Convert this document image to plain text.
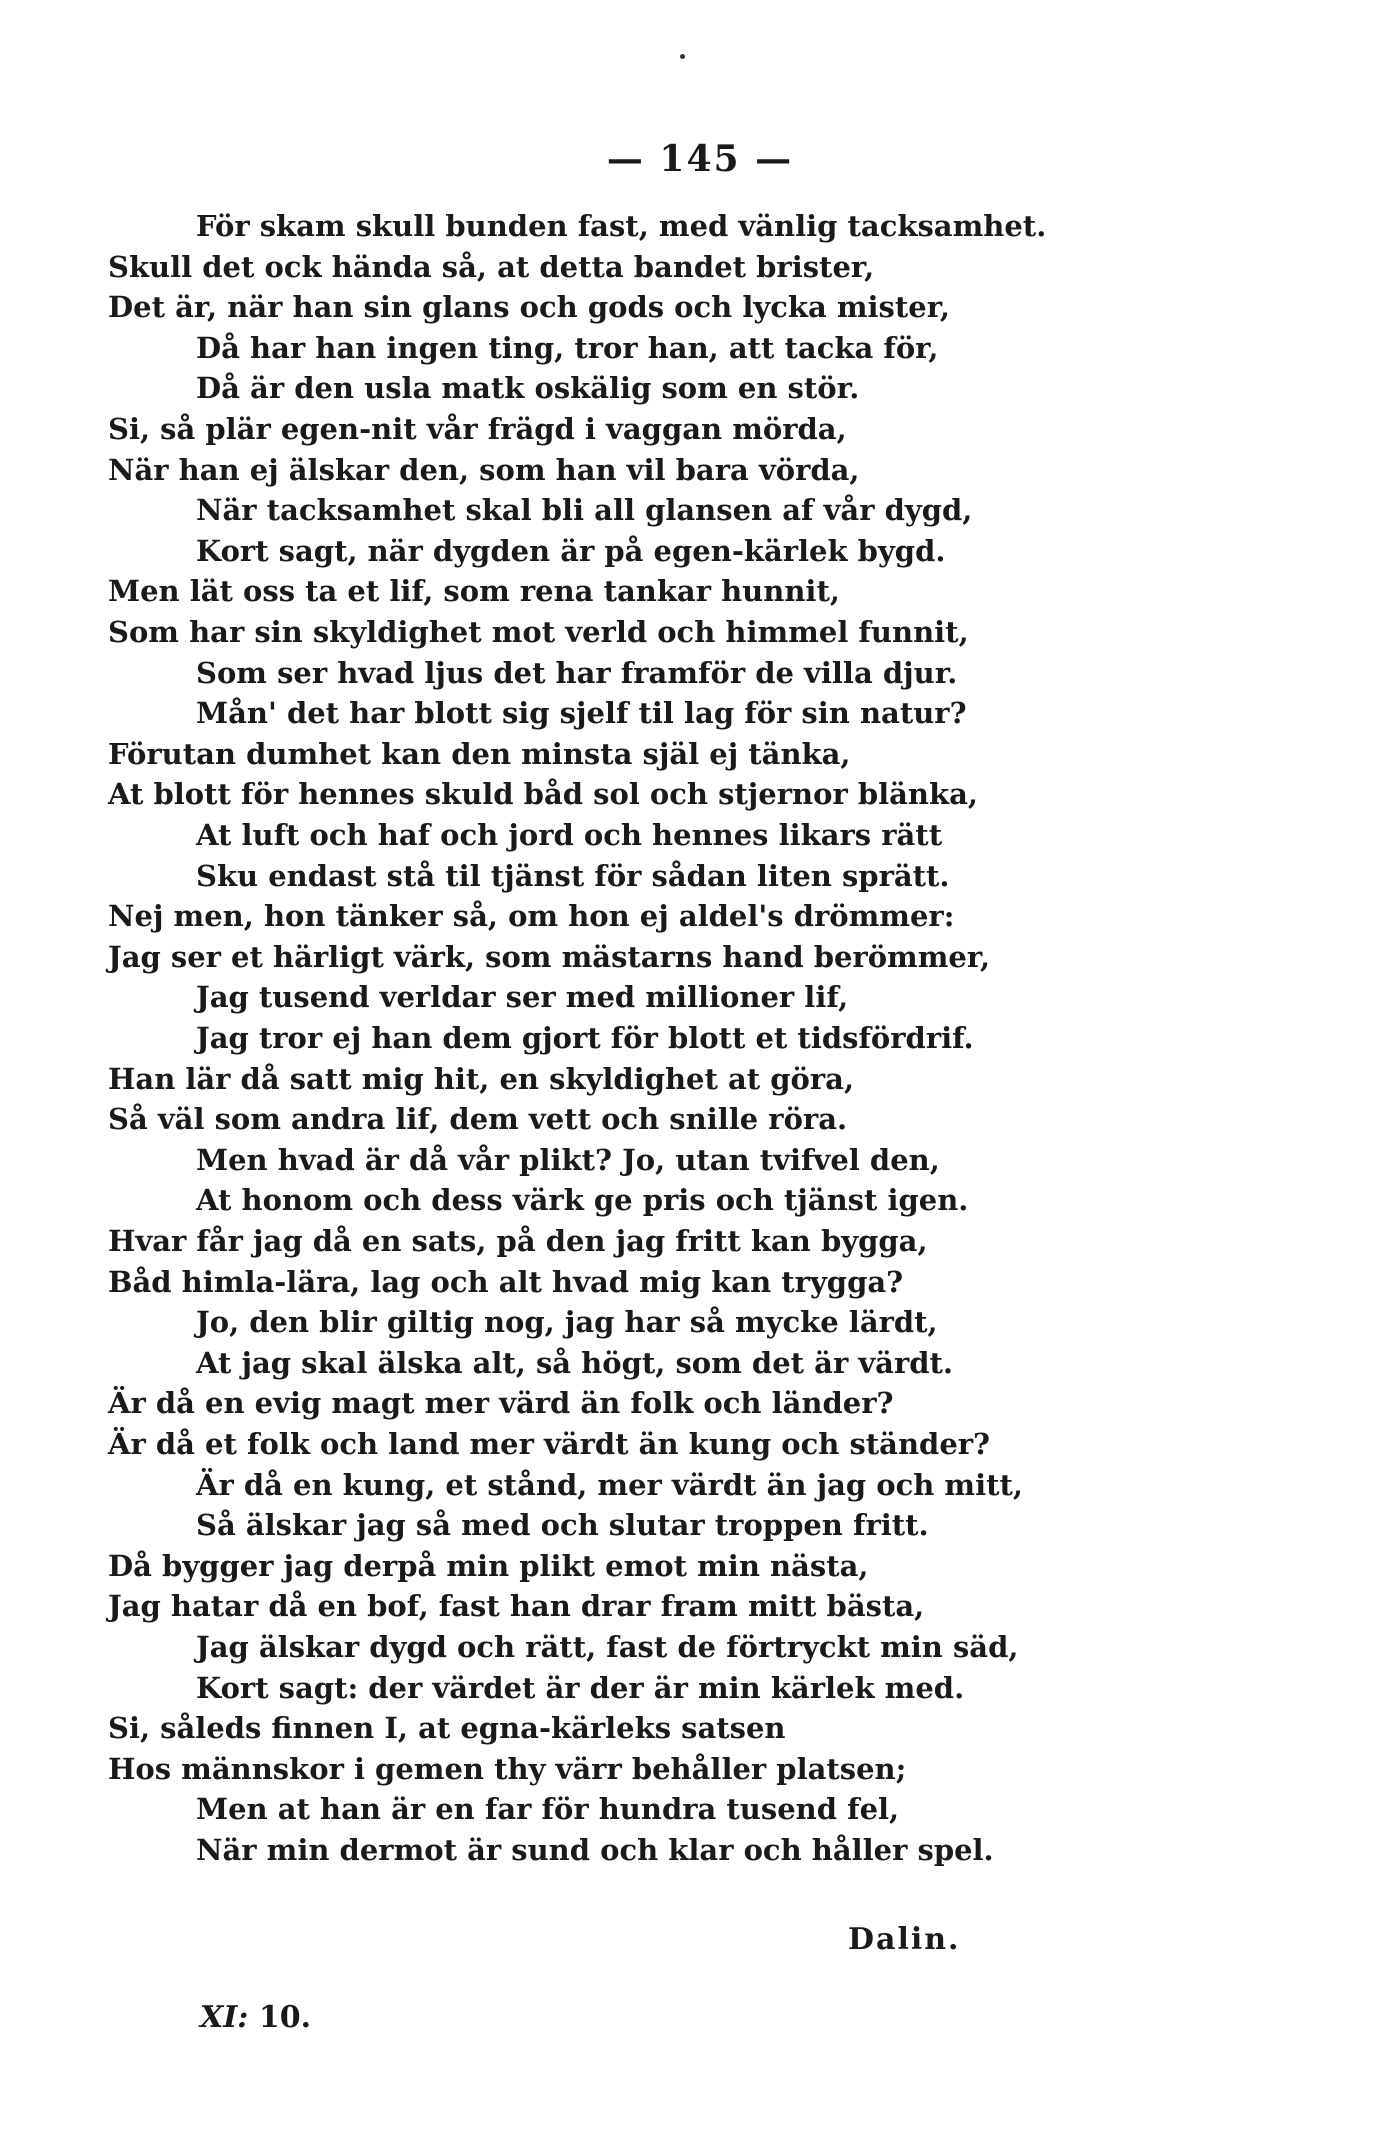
— 145 —
För skam skull bunden fast, med vänlig tacksamhet.
Skull det ock hända så, at detta bandet brister,
Det är, när han sin glans och gods och lycka mister,
Då har han ingen ting, tror han, att tacka för,
Då är den usla matk oskälig som en stör.
Si, så plär egen-nit vår frägd i vaggan mörda,
När han ej älskar den, som han vil bara vörda,
När tacksamhet skal bli all glansen af vår dygd,
Kort sagt, när dygden är på egen-kärlek bygd.
Men lät oss ta et lif, som rena tankar hunnit,
Som har sin skyldighet mot verld och himmel funnit,
Som ser hvad ljus det har framför de villa djur.
Mån' det har blott sig sjelf til lag för sin natur?
Förutan dumhet kan den minsta själ ej tänka,
At blott för hennes skuld båd sol och stjernor blänka,
At luft och haf och jord och hennes likars rätt
Sku endast stå til tjänst för sådan liten sprätt.
Nej men, hon tänker så, om hon ej aldel's drömmer:
Jag ser et härligt värk, som mästarns hand berömmer,
Jag tusend verldar ser med millioner lif,
Jag tror ej han dem gjort för blott et tidsfördrif.
Han lär då satt mig hit, en skyldighet at göra,
Så väl som andra lif, dem vett och snille röra.
Men hvad är då vår plikt? Jo, utan tvifvel den,
At honom och dess värk ge pris och tjänst igen.
Hvar får jag då en sats, på den jag fritt kan bygga,
Båd himla-lära, lag och alt hvad mig kan trygga?
Jo, den blir giltig nog, jag har så mycke lärdt,
At jag skal älska alt, så högt, som det är värdt.
Är då en evig magt mer värd än folk och länder?
Är då et folk och land mer värdt än kung och ständer?
Är då en kung, et stånd, mer värdt än jag och mitt,
Så älskar jag så med och slutar troppen fritt.
Då bygger jag derpå min plikt emot min nästa,
Jag hatar då en bof, fast han drar fram mitt bästa,
Jag älskar dygd och rätt, fast de förtryckt min säd,
Kort sagt: der värdet är der är min kärlek med.
Si, såleds finnen I, at egna-kärleks satsen
Hos männskor i gemen thy värr behåller platsen;
Men at han är en far för hundra tusend fel,
När min dermot är sund och klar och håller spel.
Dalin.
XI: 10.
